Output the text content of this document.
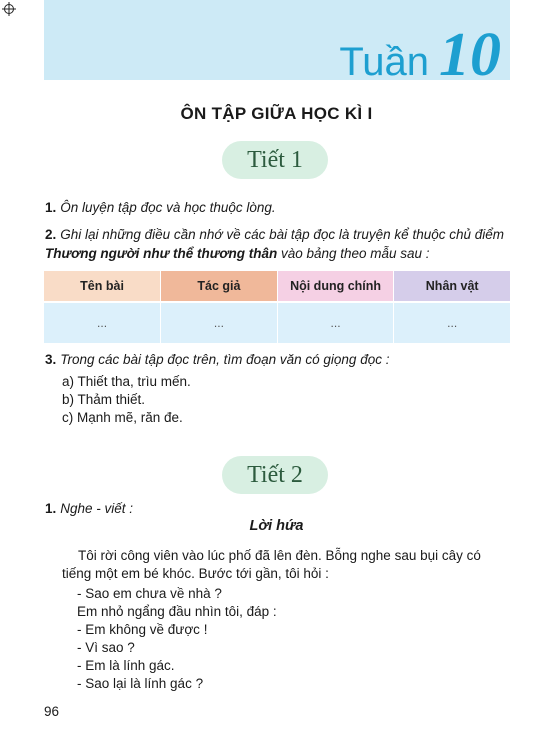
Tuần 10
ÔN TẬP GIỮA HỌC KÌ I
Tiết 1
1. Ôn luyện tập đọc và học thuộc lòng.
2. Ghi lại những điều cần nhớ về các bài tập đọc là truyện kể thuộc chủ điểm Thương người như thể thương thân vào bảng theo mẫu sau :
Tên bài	Tác giả	Nội dung chính	Nhân vật
...	...	...	...
3. Trong các bài tập đọc trên, tìm đoạn văn có giọng đọc :
a) Thiết tha, trìu mến.
b) Thảm thiết.
c) Mạnh mẽ, răn đe.
Tiết 2
1. Nghe - viết :
Lời hứa
Tôi rời công viên vào lúc phố đã lên đèn. Bỗng nghe sau bụi cây có tiếng một em bé khóc. Bước tới gần, tôi hỏi :
- Sao em chưa về nhà ?
Em nhỏ ngẩng đầu nhìn tôi, đáp :
- Em không về được !
- Vì sao ?
- Em là lính gác.
- Sao lại là lính gác ?
96
